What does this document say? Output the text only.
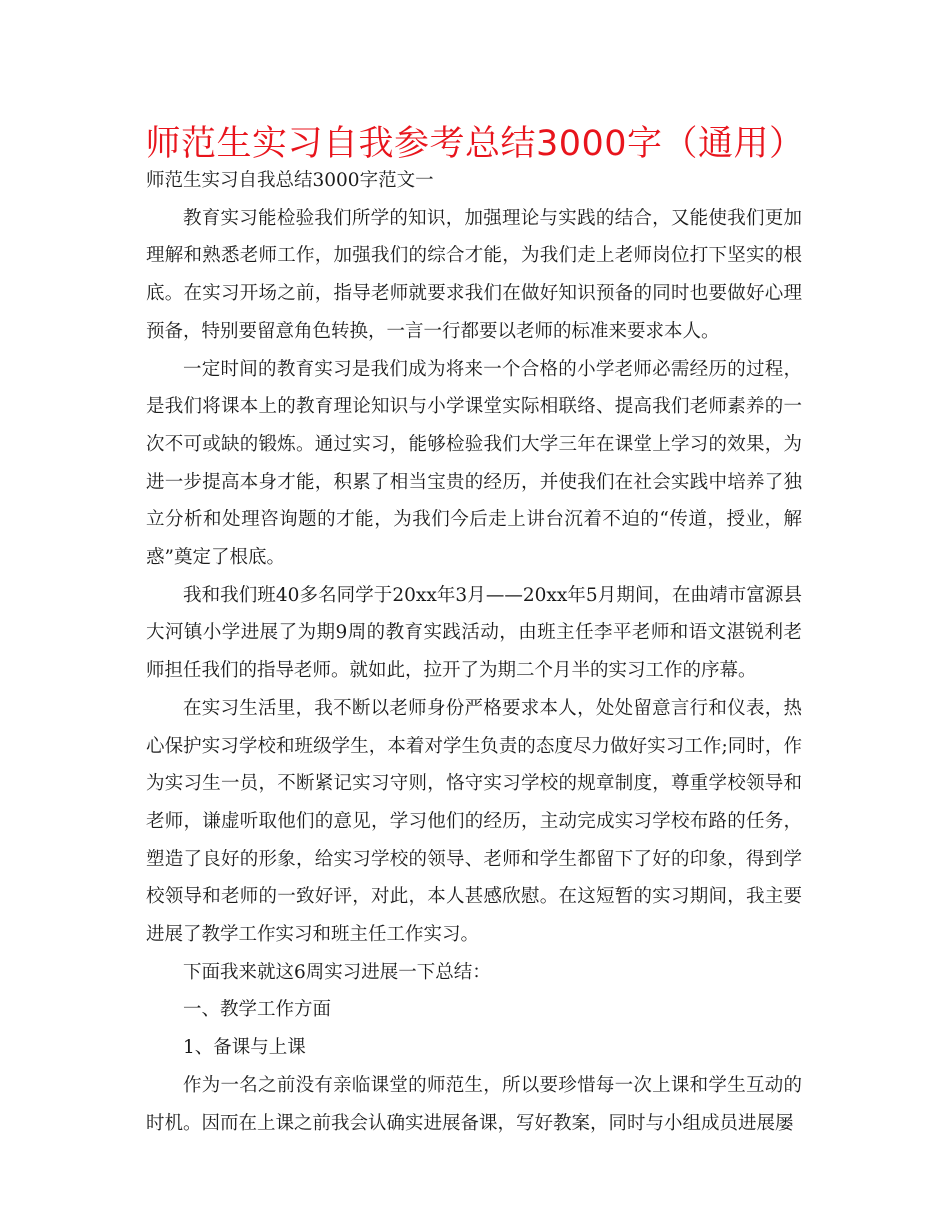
师范生实习自我参考总结3000字（通用）

师范生实习自我总结3000字范文一

教育实习能检验我们所学的知识，加强理论与实践的结合，又能使我们更加理解和熟悉老师工作，加强我们的综合才能，为我们走上老师岗位打下坚实的根底。在实习开场之前，指导老师就要求我们在做好知识预备的同时也要做好心理预备，特别要留意角色转换，一言一行都要以老师的标准来要求本人。

一定时间的教育实习是我们成为将来一个合格的小学老师必需经历的过程，是我们将课本上的教育理论知识与小学课堂实际相联络、提高我们老师素养的一次不可或缺的锻炼。通过实习，能够检验我们大学三年在课堂上学习的效果，为进一步提高本身才能，积累了相当宝贵的经历，并使我们在社会实践中培养了独立分析和处理咨询题的才能，为我们今后走上讲台沉着不迫的“传道，授业，解惑”奠定了根底。

我和我们班40多名同学于20xx年3月——20xx年5月期间，在曲靖市富源县大河镇小学进展了为期9周的教育实践活动，由班主任李平老师和语文湛锐利老师担任我们的指导老师。就如此，拉开了为期二个月半的实习工作的序幕。

在实习生活里，我不断以老师身份严格要求本人，处处留意言行和仪表，热心保护实习学校和班级学生，本着对学生负责的态度尽力做好实习工作;同时，作为实习生一员，不断紧记实习守则，恪守实习学校的规章制度，尊重学校领导和老师，谦虚听取他们的意见，学习他们的经历，主动完成实习学校布路的任务，塑造了良好的形象，给实习学校的领导、老师和学生都留下了好的印象，得到学校领导和老师的一致好评，对此，本人甚感欣慰。在这短暂的实习期间，我主要进展了教学工作实习和班主任工作实习。

下面我来就这6周实习进展一下总结：

一、教学工作方面

1、备课与上课

作为一名之前没有亲临课堂的师范生，所以要珍惜每一次上课和学生互动的时机。因而在上课之前我会认确实进展备课，写好教案，同时与小组成员进展屡
